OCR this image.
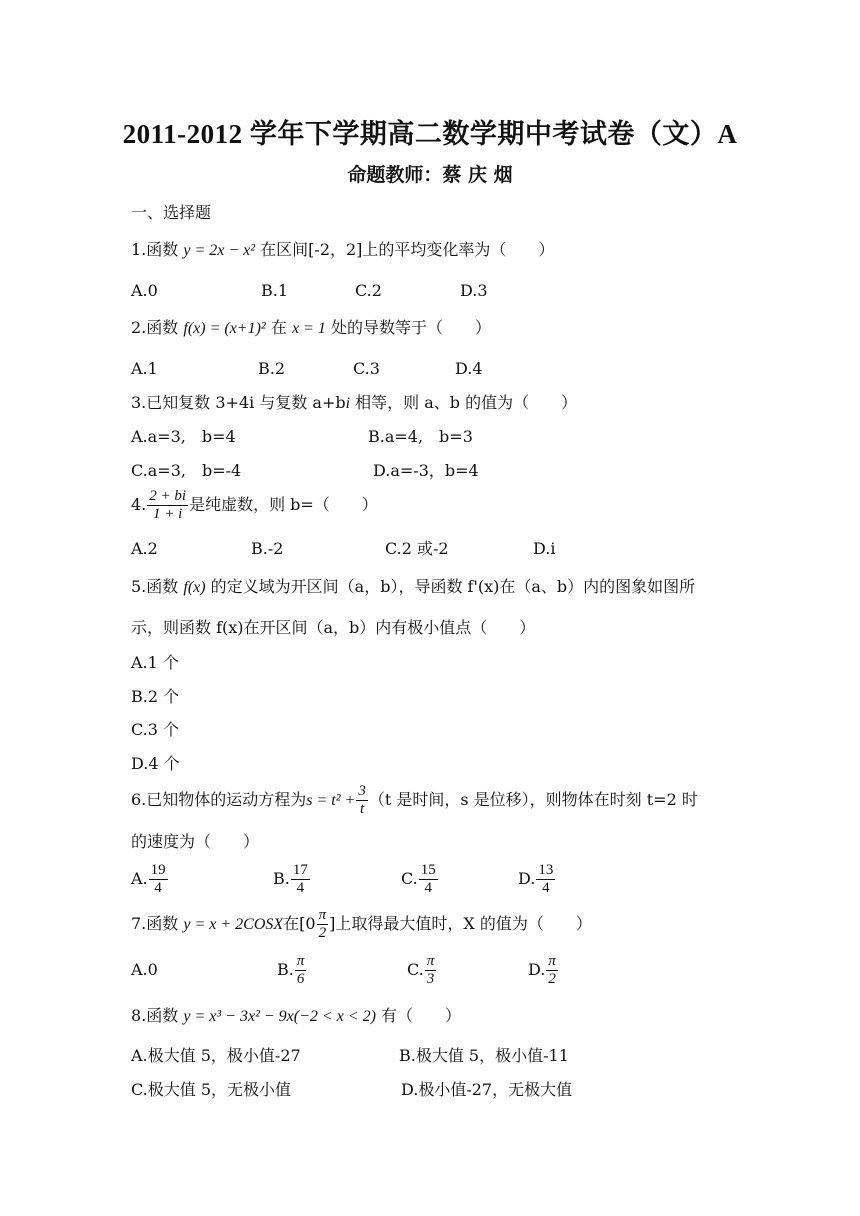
2011-2012 学年下学期高二数学期中考试卷（文）A
命题教师：蔡 庆 烟
一、选择题
1.函数 y = 2x − x² 在区间[-2，2]上的平均变化率为（　　）
A.0	B.1	C.2	D.3
2.函数 f(x) = (x+1)² 在 x = 1 处的导数等于（　　）
A.1	B.2	C.3	D.4
3.已知复数 3+4i 与复数 a+bi 相等，则 a、b 的值为（　　）
A.a=3,　b=4	B.a=4,　b=3
C.a=3,　b=-4	D.a=-3，b=4
4. $\frac{2 + bi}{1 + i}$ 是纯虚数，则 b=（　　）
A.2	B.-2	C.2 或-2	D.i
5.函数 f(x) 的定义域为开区间（a，b），导函数 f'(x)在（a、b）内的图象如图所
示，则函数 f(x)在开区间（a，b）内有极小值点（　　）
A.1 个
B.2 个
C.3 个
D.4 个
6.已知物体的运动方程为$s = t^2 + \frac{3}{t} (t$ 是时间，s 是位移），则物体在时刻 t=2 时
的速度为（　　）
A. $\frac{19}{4}$	B. $\frac{17}{4}$	C. $\frac{15}{4}$	D. $\frac{13}{4}$
7.函数 y = x + 2COSX在[$0 \frac{\pi}{2}$ ]上取得最大值时，X 的值为（　　）
A.0	B. $\frac{\pi}{6}$	C. $\frac{\pi}{3}$	D. $\frac{\pi}{2}$
8.函数 y = x³ − 3x² − 9x(−2 < x < 2) 有（　　）
A.极大值 5，极小值-27	B.极大值 5，极小值-11
C.极大值 5，无极小值	D.极小值-27，无极大值
